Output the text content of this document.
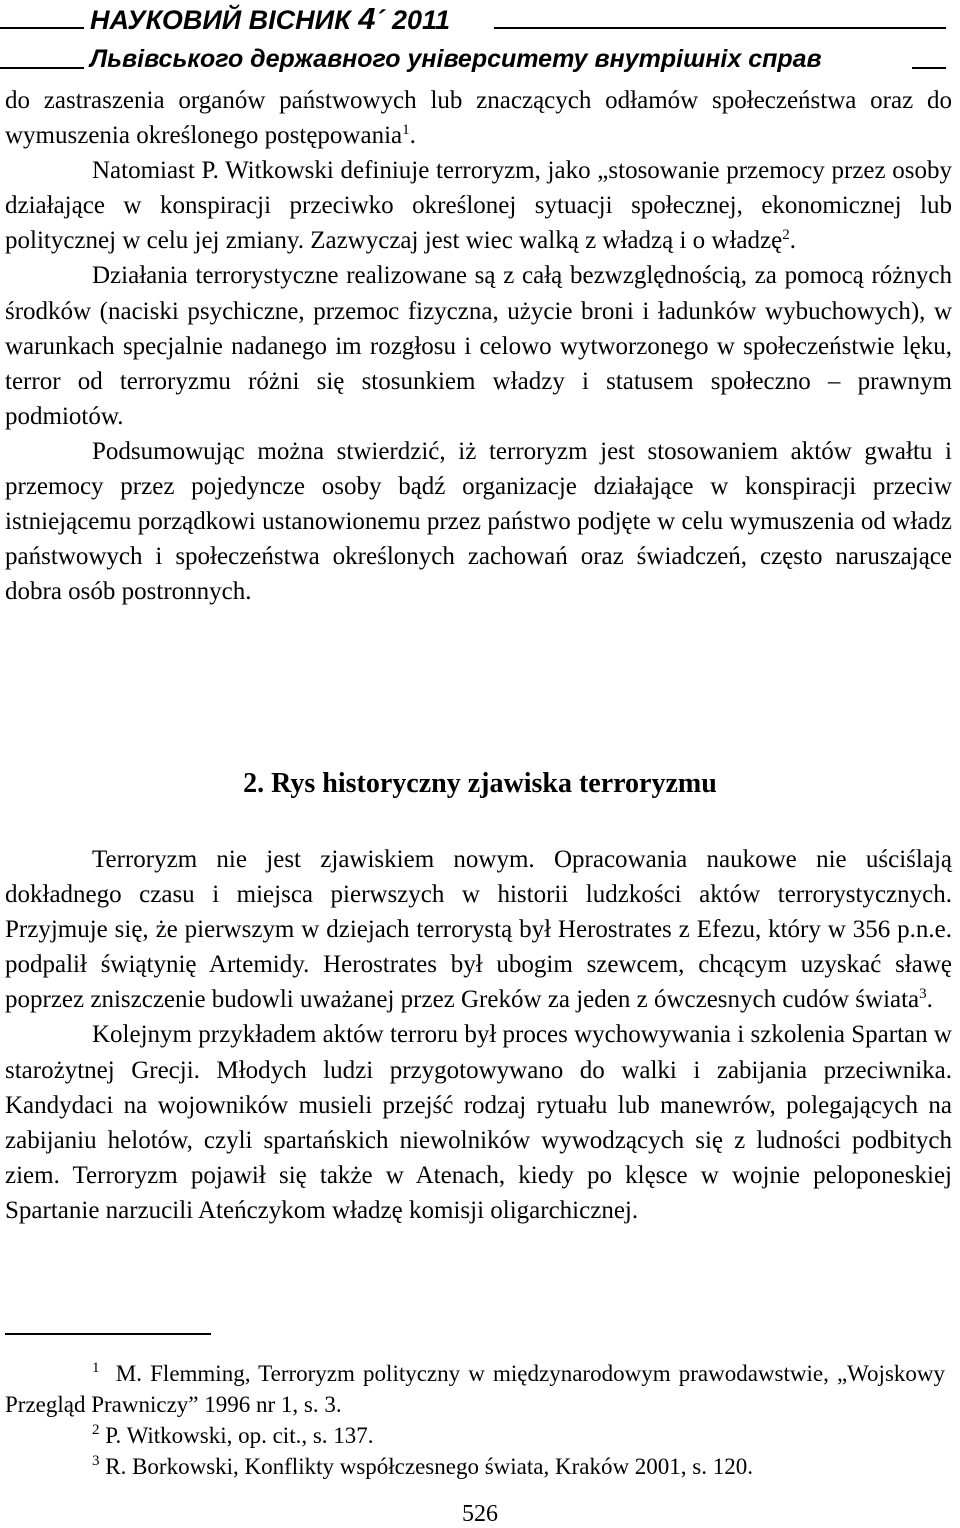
НАУКОВИЙ ВІСНИК 4´ 2011
Львівського державного університету внутрішніх справ

do zastraszenia organów państwowych lub znaczących odłamów społeczeństwa oraz do wymuszenia określonego postępowania$^1$.

Natomiast P. Witkowski definiuje terroryzm, jako „stosowanie przemocy przez osoby działające w konspiracji przeciwko określonej sytuacji społecznej, ekonomicznej lub politycznej w celu jej zmiany. Zazwyczaj jest wiec walką z władzą i o władzę$^2$.

Działania terrorystyczne realizowane są z całą bezwzględnością, za pomocą różnych środków (naciski psychiczne, przemoc fizyczna, użycie broni i ładunków wybuchowych), w warunkach specjalnie nadanego im rozgłosu i celowo wytworzonego w społeczeństwie lęku, terror od terroryzmu różni się stosunkiem władzy i statusem społeczno – prawnym podmiotów.

Podsumowując można stwierdzić, iż terroryzm jest stosowaniem aktów gwałtu i przemocy przez pojedyncze osoby bądź organizacje działające w konspiracji przeciw istniejącemu porządkowi ustanowionemu przez państwo podjęte w celu wymuszenia od władz państwowych i społeczeństwa określonych zachowań oraz świadczeń, często naruszające dobra osób postronnych.

2. Rys historyczny zjawiska terroryzmu

Terroryzm nie jest zjawiskiem nowym. Opracowania naukowe nie uściślają dokładnego czasu i miejsca pierwszych w historii ludzkości aktów terrorystycznych. Przyjmuje się, że pierwszym w dziejach terrorystą był Herostrates z Efezu, który w 356 p.n.e. podpalił świątynię Artemidy. Herostrates był ubogim szewcem, chcącym uzyskać sławę poprzez zniszczenie budowli uważanej przez Greków za jeden z ówczesnych cudów świata$^3$.

Kolejnym przykładem aktów terroru był proces wychowywania i szkolenia Spartan w starożytnej Grecji. Młodych ludzi przygotowywano do walki i zabijania przeciwnika. Kandydaci na wojowników musieli przejść rodzaj rytuału lub manewrów, polegających na zabijaniu helotów, czyli spartańskich niewolników wywodzących się z ludności podbitych ziem. Terroryzm pojawił się także w Atenach, kiedy po klęsce w wojnie peloponeskiej Spartanie narzucili Ateńczykom władzę komisji oligarchicznej.

$^1$ M. Flemming, Terroryzm polityczny w międzynarodowym prawodawstwie, „Wojskowy Przegląd Prawniczy” 1996 nr 1, s. 3.

$^2$ P. Witkowski, op. cit., s. 137.

$^3$ R. Borkowski, Konflikty współczesnego świata, Kraków 2001, s. 120.

526
